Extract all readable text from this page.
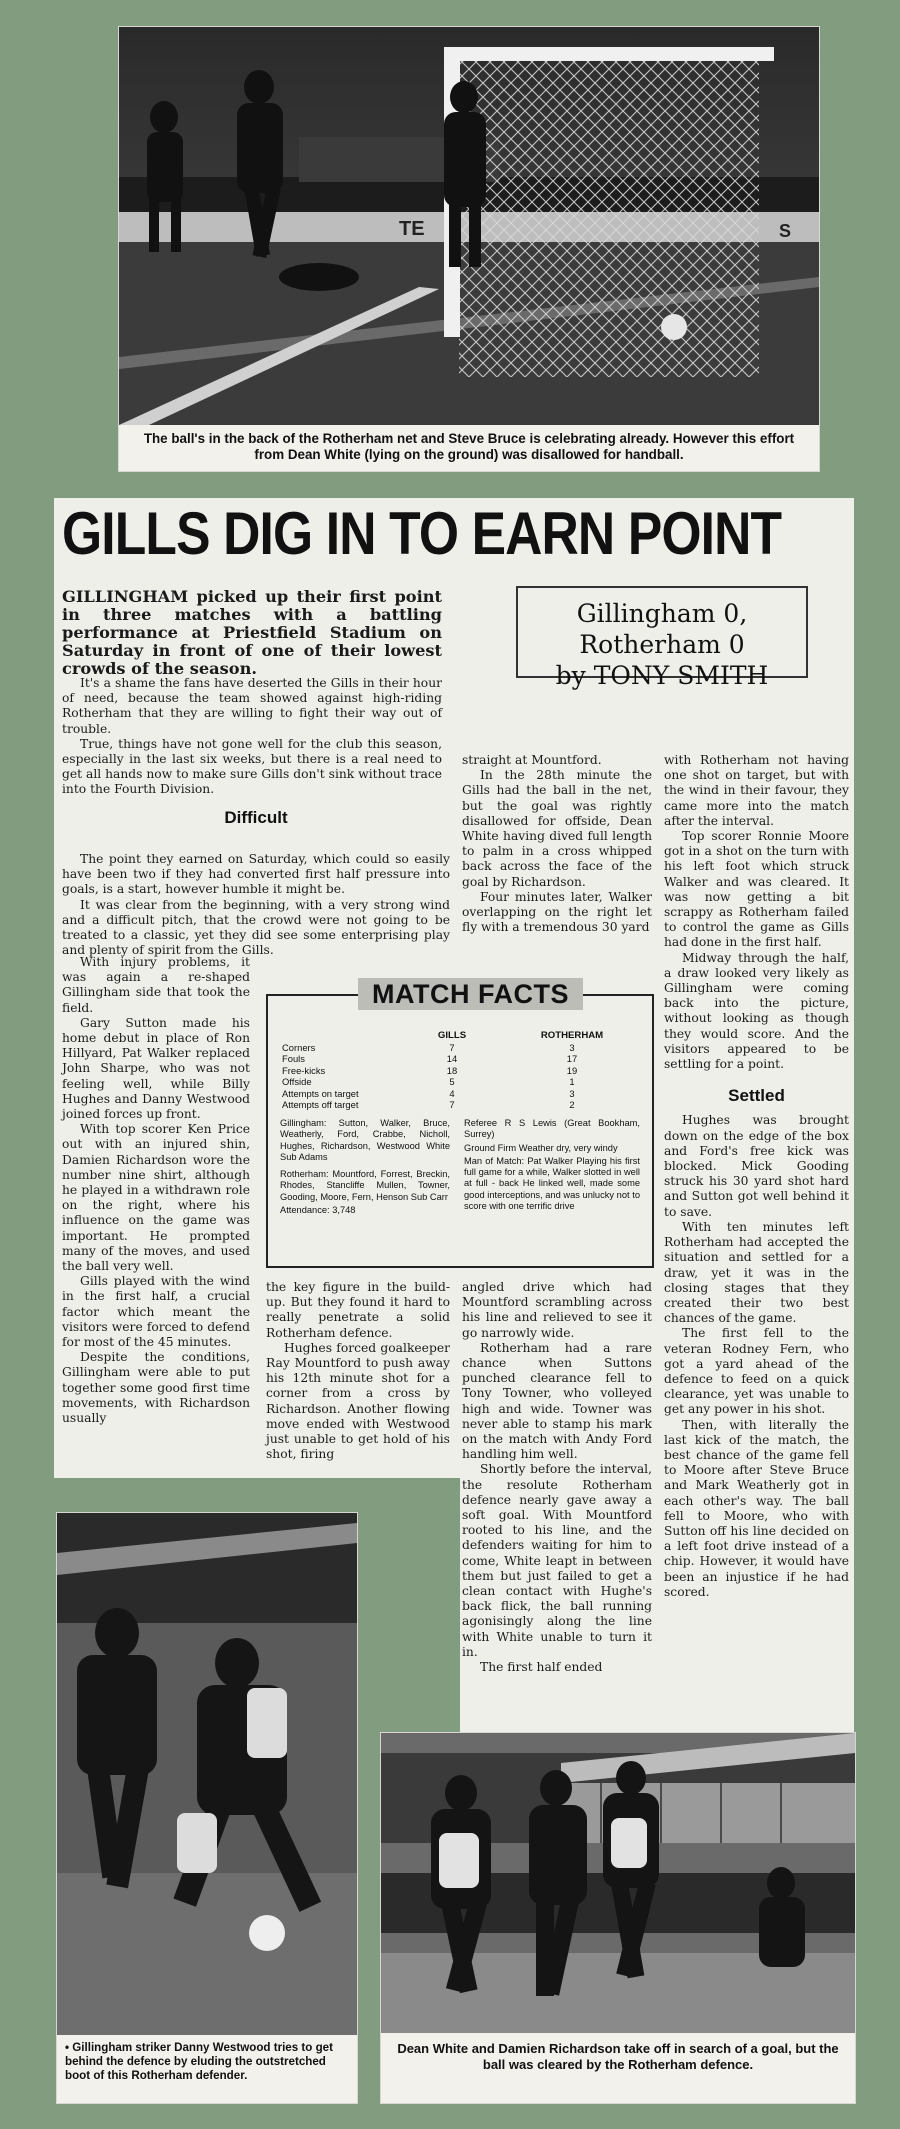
TE	S
The ball's in the back of the Rotherham net and Steve Bruce is celebrating already. However this effort from Dean White (lying on the ground) was disallowed for handball.
GILLS DIG IN TO EARN POINT
Gillingham 0,
Rotherham 0
by TONY SMITH

GILLINGHAM picked up their first point in three matches with a battling performance at Priestfield Stadium on Saturday in front of one of their lowest crowds of the season.

It's a shame the fans have deserted the Gills in their hour of need, because the team showed against high-riding Rotherham that they are willing to fight their way out of trouble.

True, things have not gone well for the club this season, especially in the last six weeks, but there is a real need to get all hands now to make sure Gills don't sink without trace into the Fourth Division.

Difficult

The point they earned on Saturday, which could so easily have been two if they had converted first half pressure into goals, is a start, however humble it might be.

It was clear from the beginning, with a very strong wind and a difficult pitch, that the crowd were not going to be treated to a classic, yet they did see some enterprising play and plenty of spirit from the Gills.

With injury problems, it was again a re-shaped Gillingham side that took the field.

Gary Sutton made his home debut in place of Ron Hillyard, Pat Walker replaced John Sharpe, who was not feeling well, while Billy Hughes and Danny Westwood joined forces up front.

With top scorer Ken Price out with an injured shin, Damien Richardson wore the number nine shirt, although he played in a withdrawn role on the right, where his influence on the game was important. He prompted many of the moves, and used the ball very well.

Gills played with the wind in the first half, a crucial factor which meant the visitors were forced to defend for most of the 45 minutes.

Despite the conditions, Gillingham were able to put together some good first time movements, with Richardson usually

the key figure in the build-up. But they found it hard to really penetrate a solid Rotherham defence.

Hughes forced goalkeeper Ray Mountford to push away his 12th minute shot for a corner from a cross by Richardson. Another flowing move ended with Westwood just unable to get hold of his shot, firing

straight at Mountford.

In the 28th minute the Gills had the ball in the net, but the goal was rightly disallowed for offside, Dean White having dived full length to palm in a cross whipped back across the face of the goal by Richardson.

Four minutes later, Walker overlapping on the right let fly with a tremendous 30 yard

angled drive which had Mountford scrambling across his line and relieved to see it go narrowly wide.

Rotherham had a rare chance when Suttons punched clearance fell to Tony Towner, who volleyed high and wide. Towner was never able to stamp his mark on the match with Andy Ford handling him well.

Shortly before the interval, the resolute Rotherham defence nearly gave away a soft goal. With Mountford rooted to his line, and the defenders waiting for him to come, White leapt in between them but just failed to get a clean contact with Hughe's back flick, the ball running agonisingly along the line with White unable to turn it in.

The first half ended

with Rotherham not having one shot on target, but with the wind in their favour, they came more into the match after the interval.

Top scorer Ronnie Moore got in a shot on the turn with his left foot which struck Walker and was cleared. It was now getting a bit scrappy as Rotherham failed to control the game as Gills had done in the first half.

Midway through the half, a draw looked very likely as Gillingham were coming back into the picture, without looking as though they would score. And the visitors appeared to be settling for a point.

Settled

Hughes was brought down on the edge of the box and Ford's free kick was blocked. Mick Gooding struck his 30 yard shot hard and Sutton got well behind it to save.

With ten minutes left Rotherham had accepted the situation and settled for a draw, yet it was in the closing stages that they created their two best chances of the game.

The first fell to the veteran Rodney Fern, who got a yard ahead of the defence to feed on a quick clearance, yet was unable to get any power in his shot.

Then, with literally the last kick of the match, the best chance of the game fell to Moore after Steve Bruce and Mark Weatherly got in each other's way. The ball fell to Moore, who with Sutton off his line decided on a left foot drive instead of a chip. However, it would have been an injustice if he had scored.

MATCH FACTS
	GILLS	ROTHERHAM
Corners	7	3
Fouls	14	17
Free-kicks	18	19
Offside	5	1
Attempts on target	4	3
Attempts off target	7	2

Gillingham: Sutton, Walker, Bruce, Weatherly, Ford, Crabbe, Nicholl, Hughes, Richardson, Westwood White Sub Adams

Rotherham: Mountford, Forrest, Breckin, Rhodes, Stancliffe Mullen, Towner, Gooding, Moore, Fern, Henson Sub Carr

Attendance: 3,748

Referee R S Lewis (Great Bookham, Surrey)

Ground Firm Weather dry, very windy

Man of Match: Pat Walker Playing his first full game for a while, Walker slotted in well at full - back He linked well, made some good interceptions, and was unlucky not to score with one terrific drive

• Gillingham striker Danny Westwood tries to get behind the defence by eluding the outstretched boot of this Rotherham defender.
Dean White and Damien Richardson take off in search of a goal, but the ball was cleared by the Rotherham defence.
